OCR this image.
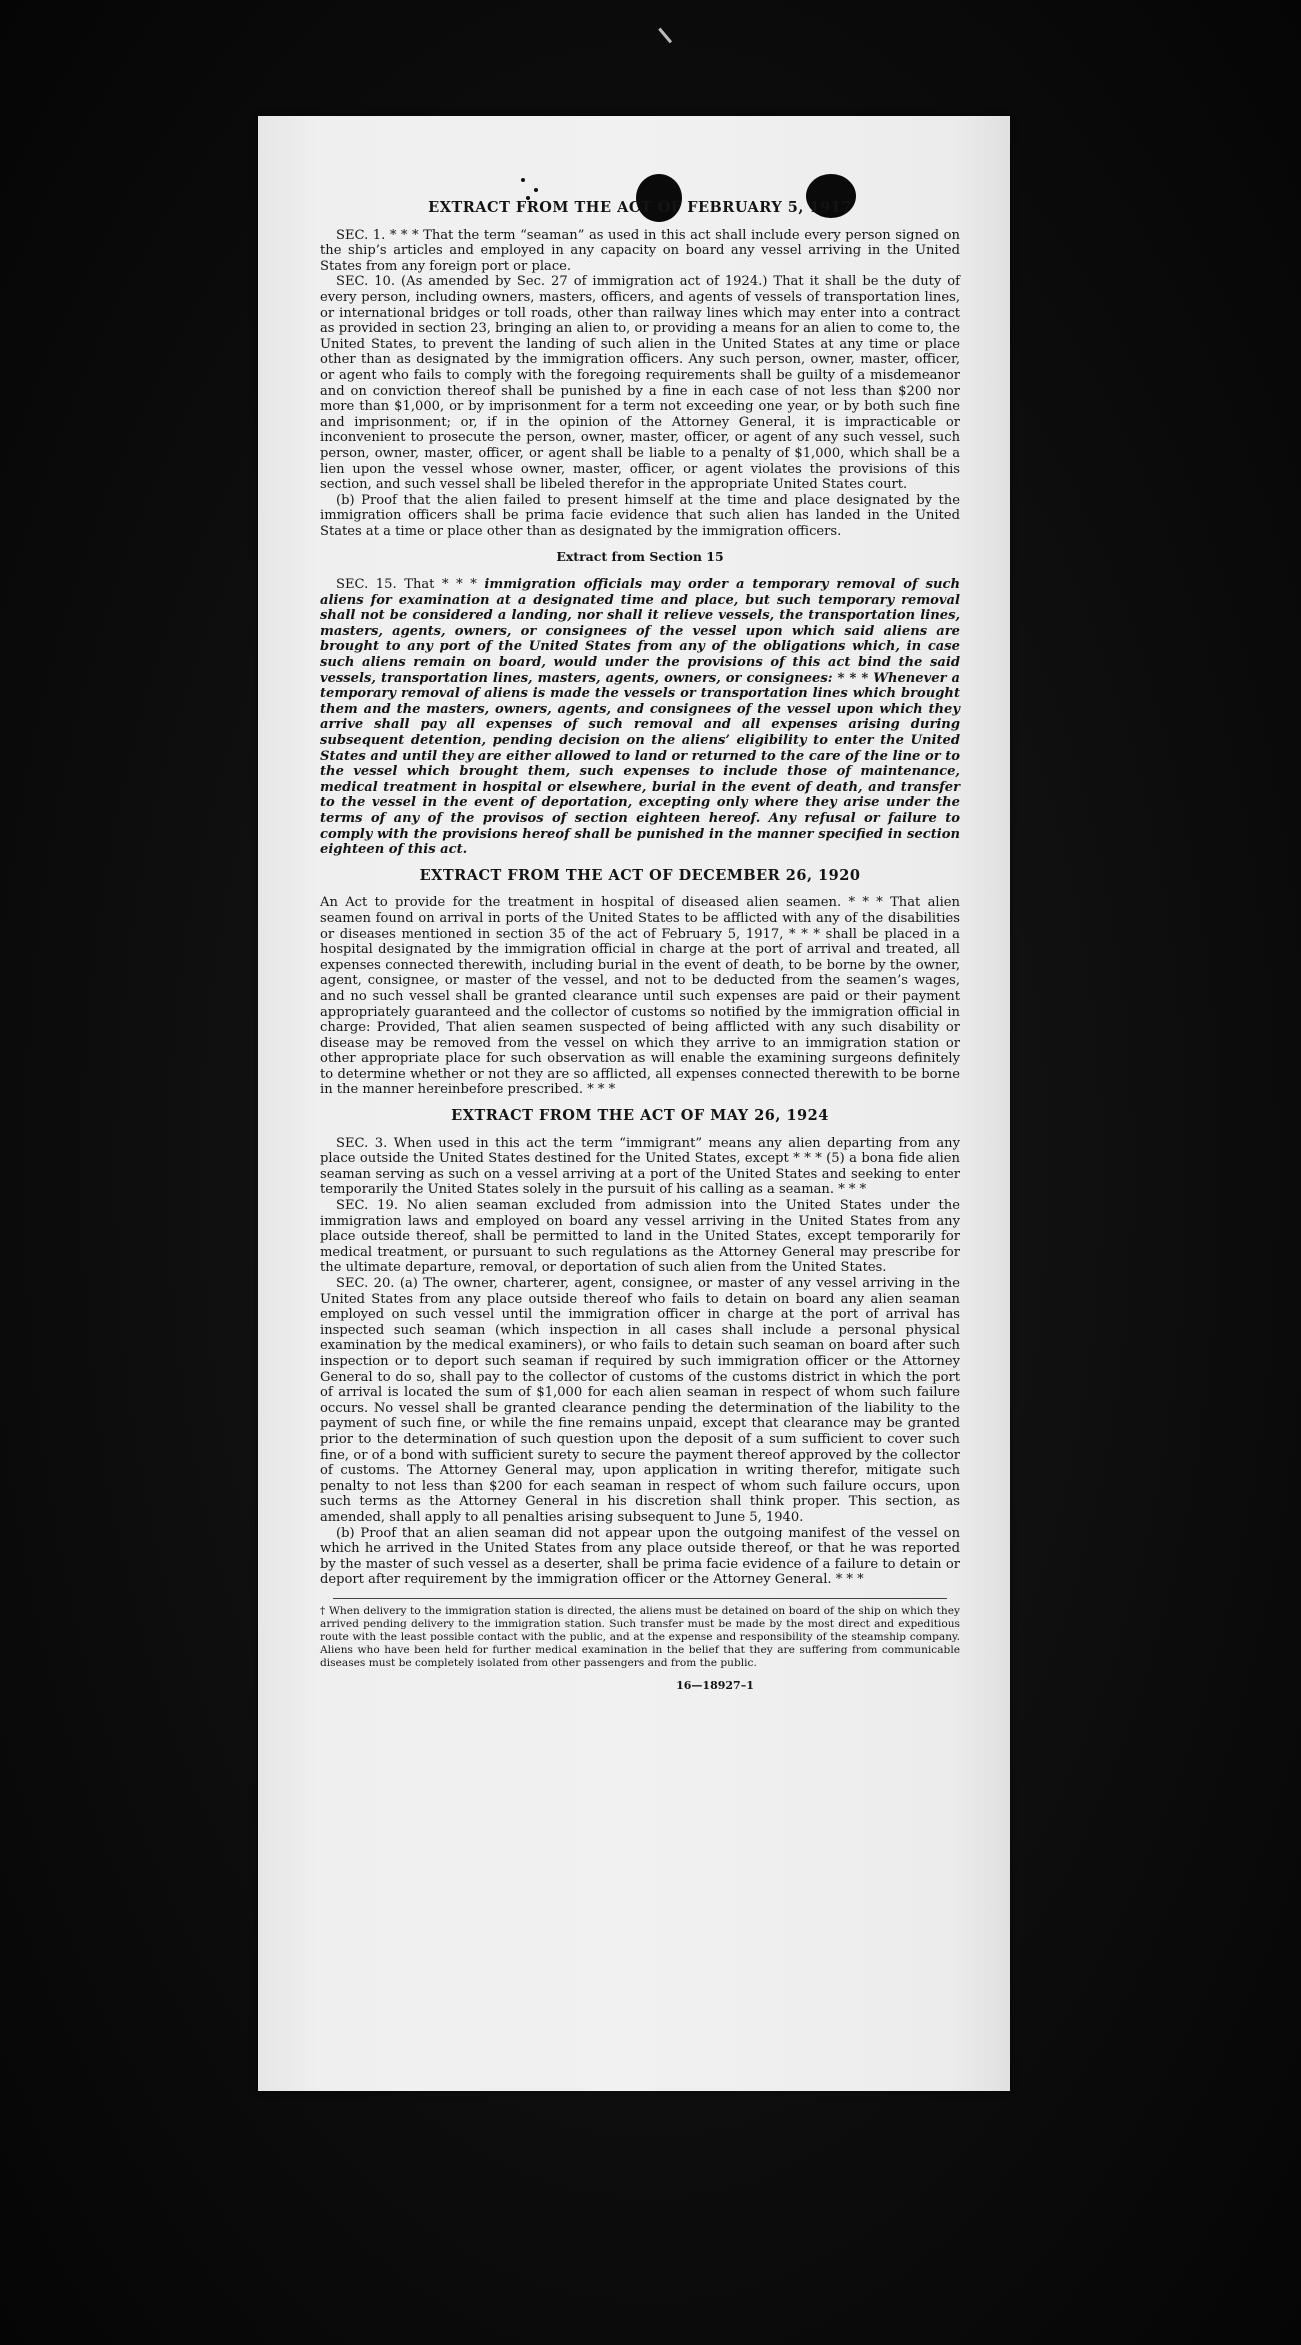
EXTRACT FROM THE ACT OF FEBRUARY 5, 1917

SEC. 1. * * * That the term “seaman” as used in this act shall include every person signed on the ship’s articles and employed in any capacity on board any vessel arriving in the United States from any foreign port or place.

SEC. 10. (As amended by Sec. 27 of immigration act of 1924.) That it shall be the duty of every person, including owners, masters, officers, and agents of vessels of transportation lines, or international bridges or toll roads, other than railway lines which may enter into a contract as provided in section 23, bringing an alien to, or providing a means for an alien to come to, the United States, to prevent the landing of such alien in the United States at any time or place other than as designated by the immigration officers. Any such person, owner, master, officer, or agent who fails to comply with the foregoing requirements shall be guilty of a misdemeanor and on conviction thereof shall be punished by a fine in each case of not less than $200 nor more than $1,000, or by imprisonment for a term not exceeding one year, or by both such fine and imprisonment; or, if in the opinion of the Attorney General, it is impracticable or inconvenient to prosecute the person, owner, master, officer, or agent of any such vessel, such person, owner, master, officer, or agent shall be liable to a penalty of $1,000, which shall be a lien upon the vessel whose owner, master, officer, or agent violates the provisions of this section, and such vessel shall be libeled therefor in the appropriate United States court.

(b) Proof that the alien failed to present himself at the time and place designated by the immigration officers shall be prima facie evidence that such alien has landed in the United States at a time or place other than as designated by the immigration officers.

Extract from Section 15

SEC. 15. That * * * immigration officials may order a temporary removal of such aliens for examination at a designated time and place, but such temporary removal shall not be considered a landing, nor shall it relieve vessels, the transportation lines, masters, agents, owners, or consignees of the vessel upon which said aliens are brought to any port of the United States from any of the obligations which, in case such aliens remain on board, would under the provisions of this act bind the said vessels, transportation lines, masters, agents, owners, or consignees: * * * Whenever a temporary removal of aliens is made the vessels or transportation lines which brought them and the masters, owners, agents, and consignees of the vessel upon which they arrive shall pay all expenses of such removal and all expenses arising during subsequent detention, pending decision on the aliens’ eligibility to enter the United States and until they are either allowed to land or returned to the care of the line or to the vessel which brought them, such expenses to include those of maintenance, medical treatment in hospital or elsewhere, burial in the event of death, and transfer to the vessel in the event of deportation, excepting only where they arise under the terms of any of the provisos of section eighteen hereof. Any refusal or failure to comply with the provisions hereof shall be punished in the manner specified in section eighteen of this act.

EXTRACT FROM THE ACT OF DECEMBER 26, 1920

An Act to provide for the treatment in hospital of diseased alien seamen. * * * That alien seamen found on arrival in ports of the United States to be afflicted with any of the disabilities or diseases mentioned in section 35 of the act of February 5, 1917, * * * shall be placed in a hospital designated by the immigration official in charge at the port of arrival and treated, all expenses connected therewith, including burial in the event of death, to be borne by the owner, agent, consignee, or master of the vessel, and not to be deducted from the seamen’s wages, and no such vessel shall be granted clearance until such expenses are paid or their payment appropriately guaranteed and the collector of customs so notified by the immigration official in charge: Provided, That alien seamen suspected of being afflicted with any such disability or disease may be removed from the vessel on which they arrive to an immigration station or other appropriate place for such observation as will enable the examining surgeons definitely to determine whether or not they are so afflicted, all expenses connected therewith to be borne in the manner hereinbefore prescribed. * * *

EXTRACT FROM THE ACT OF MAY 26, 1924

SEC. 3. When used in this act the term “immigrant” means any alien departing from any place outside the United States destined for the United States, except * * * (5) a bona fide alien seaman serving as such on a vessel arriving at a port of the United States and seeking to enter temporarily the United States solely in the pursuit of his calling as a seaman. * * *

SEC. 19. No alien seaman excluded from admission into the United States under the immigration laws and employed on board any vessel arriving in the United States from any place outside thereof, shall be permitted to land in the United States, except temporarily for medical treatment, or pursuant to such regulations as the Attorney General may prescribe for the ultimate departure, removal, or deportation of such alien from the United States.

SEC. 20. (a) The owner, charterer, agent, consignee, or master of any vessel arriving in the United States from any place outside thereof who fails to detain on board any alien seaman employed on such vessel until the immigration officer in charge at the port of arrival has inspected such seaman (which inspection in all cases shall include a personal physical examination by the medical examiners), or who fails to detain such seaman on board after such inspection or to deport such seaman if required by such immigration officer or the Attorney General to do so, shall pay to the collector of customs of the customs district in which the port of arrival is located the sum of $1,000 for each alien seaman in respect of whom such failure occurs. No vessel shall be granted clearance pending the determination of the liability to the payment of such fine, or while the fine remains unpaid, except that clearance may be granted prior to the determination of such question upon the deposit of a sum sufficient to cover such fine, or of a bond with sufficient surety to secure the payment thereof approved by the collector of customs. The Attorney General may, upon application in writing therefor, mitigate such penalty to not less than $200 for each seaman in respect of whom such failure occurs, upon such terms as the Attorney General in his discretion shall think proper. This section, as amended, shall apply to all penalties arising subsequent to June 5, 1940.

(b) Proof that an alien seaman did not appear upon the outgoing manifest of the vessel on which he arrived in the United States from any place outside thereof, or that he was reported by the master of such vessel as a deserter, shall be prima facie evidence of a failure to detain or deport after requirement by the immigration officer or the Attorney General. * * *

† When delivery to the immigration station is directed, the aliens must be detained on board of the ship on which they arrived pending delivery to the immigration station. Such transfer must be made by the most direct and expeditious route with the least possible contact with the public, and at the expense and responsibility of the steamship company. Aliens who have been held for further medical examination in the belief that they are suffering from communicable diseases must be completely isolated from other passengers and from the public.

16—18927–1
